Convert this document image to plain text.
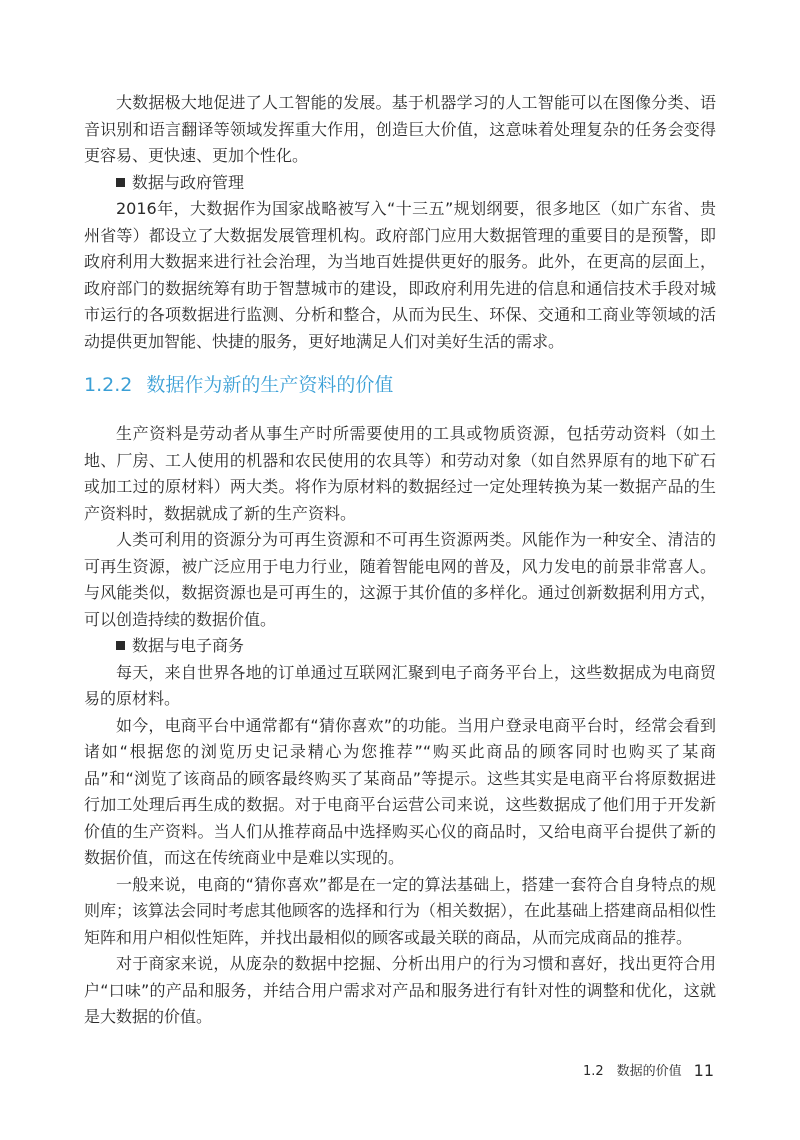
大数据极大地促进了人工智能的发展。基于机器学习的人工智能可以在图像分类、语音识别和语言翻译等领域发挥重大作用，创造巨大价值，这意味着处理复杂的任务会变得更容易、更快速、更加个性化。

数据与政府管理

2016年，大数据作为国家战略被写入“十三五”规划纲要，很多地区（如广东省、贵州省等）都设立了大数据发展管理机构。政府部门应用大数据管理的重要目的是预警，即政府利用大数据来进行社会治理，为当地百姓提供更好的服务。此外，在更高的层面上，政府部门的数据统筹有助于智慧城市的建设，即政府利用先进的信息和通信技术手段对城市运行的各项数据进行监测、分析和整合，从而为民生、环保、交通和工商业等领域的活动提供更加智能、快捷的服务，更好地满足人们对美好生活的需求。

1.2.2 数据作为新的生产资料的价值

生产资料是劳动者从事生产时所需要使用的工具或物质资源，包括劳动资料（如土地、厂房、工人使用的机器和农民使用的农具等）和劳动对象（如自然界原有的地下矿石或加工过的原材料）两大类。将作为原材料的数据经过一定处理转换为某一数据产品的生产资料时，数据就成了新的生产资料。

人类可利用的资源分为可再生资源和不可再生资源两类。风能作为一种安全、清洁的可再生资源，被广泛应用于电力行业，随着智能电网的普及，风力发电的前景非常喜人。与风能类似，数据资源也是可再生的，这源于其价值的多样化。通过创新数据利用方式，可以创造持续的数据价值。

数据与电子商务

每天，来自世界各地的订单通过互联网汇聚到电子商务平台上，这些数据成为电商贸易的原材料。

如今，电商平台中通常都有“猜你喜欢”的功能。当用户登录电商平台时，经常会看到诸如“根据您的浏览历史记录精心为您推荐”“购买此商品的顾客同时也购买了某商品”和“浏览了该商品的顾客最终购买了某商品”等提示。这些其实是电商平台将原数据进行加工处理后再生成的数据。对于电商平台运营公司来说，这些数据成了他们用于开发新价值的生产资料。当人们从推荐商品中选择购买心仪的商品时，又给电商平台提供了新的数据价值，而这在传统商业中是难以实现的。

一般来说，电商的“猜你喜欢”都是在一定的算法基础上，搭建一套符合自身特点的规则库；该算法会同时考虑其他顾客的选择和行为（相关数据），在此基础上搭建商品相似性矩阵和用户相似性矩阵，并找出最相似的顾客或最关联的商品，从而完成商品的推荐。

对于商家来说，从庞杂的数据中挖掘、分析出用户的行为习惯和喜好，找出更符合用户“口味”的产品和服务，并结合用户需求对产品和服务进行有针对性的调整和优化，这就是大数据的价值。

1.2　数据的价值 11
